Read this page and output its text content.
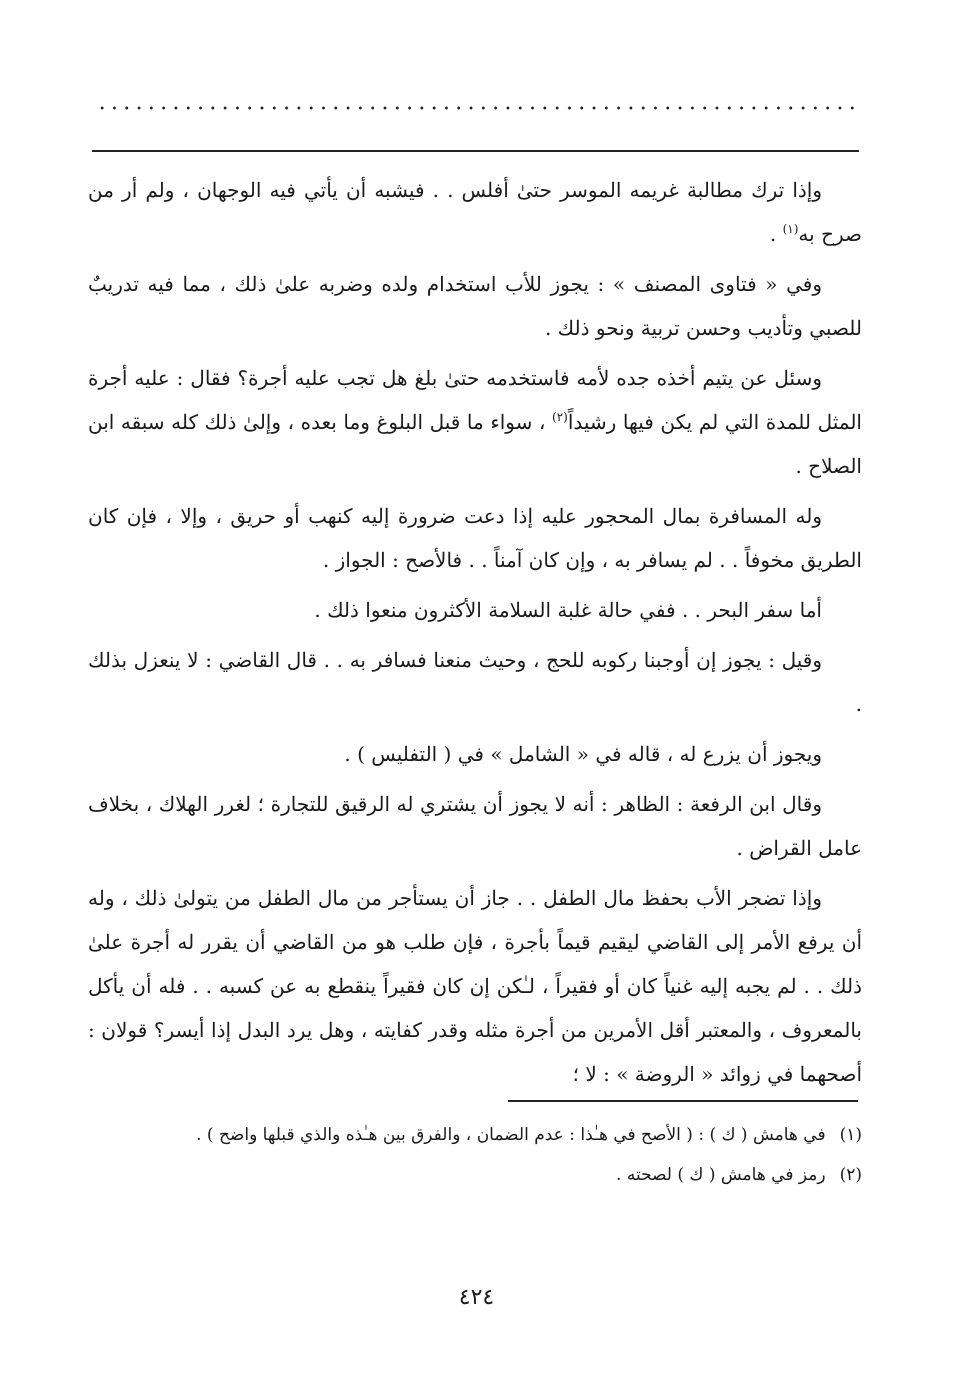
وإذا ترك مطالبة غريمه الموسر حتىٰ أفلس . . فيشبه أن يأتي فيه الوجهان ، ولم أر من صرح به$^{(١)}$ .

وفي « فتاوى المصنف » : يجوز للأب استخدام ولده وضربه علىٰ ذلك ، مما فيه تدريبٌ للصبي وتأديب وحسن تربية ونحو ذلك .

وسئل عن يتيم أخذه جده لأمه فاستخدمه حتىٰ بلغ هل تجب عليه أجرة؟ فقال : عليه أجرة المثل للمدة التي لم يكن فيها رشيداً$^{(٢)}$ ، سواء ما قبل البلوغ وما بعده ، وإلىٰ ذلك كله سبقه ابن الصلاح .

وله المسافرة بمال المحجور عليه إذا دعت ضرورة إليه كنهب أو حريق ، وإلا ، فإن كان الطريق مخوفاً . . لم يسافر به ، وإن كان آمناً . . فالأصح : الجواز .

أما سفر البحر . . ففي حالة غلبة السلامة الأكثرون منعوا ذلك .

وقيل : يجوز إن أوجبنا ركوبه للحج ، وحيث منعنا فسافر به . . قال القاضي : لا ينعزل بذلك .

ويجوز أن يزرع له ، قاله في « الشامل » في ( التفليس ) .

وقال ابن الرفعة : الظاهر : أنه لا يجوز أن يشتري له الرقيق للتجارة ؛ لغرر الهلاك ، بخلاف عامل القراض .

وإذا تضجر الأب بحفظ مال الطفل . . جاز أن يستأجر من مال الطفل من يتولىٰ ذلك ، وله أن يرفع الأمر إلى القاضي ليقيم قيماً بأجرة ، فإن طلب هو من القاضي أن يقرر له أجرة علىٰ ذلك . . لم يجبه إليه غنياً كان أو فقيراً ، لـٰكن إن كان فقيراً ينقطع به عن كسبه . . فله أن يأكل بالمعروف ، والمعتبر أقل الأمرين من أجرة مثله وقدر كفايته ، وهل يرد البدل إذا أيسر؟ قولان : أصحهما في زوائد « الروضة » : لا ؛

(١)
في هامش ( ك ) : ( الأصح في هـٰذا : عدم الضمان ، والفرق بين هـٰذه والذي قبلها واضح ) .
(٢)
رمز في هامش ( ك ) لصحته .
٤٢٤
